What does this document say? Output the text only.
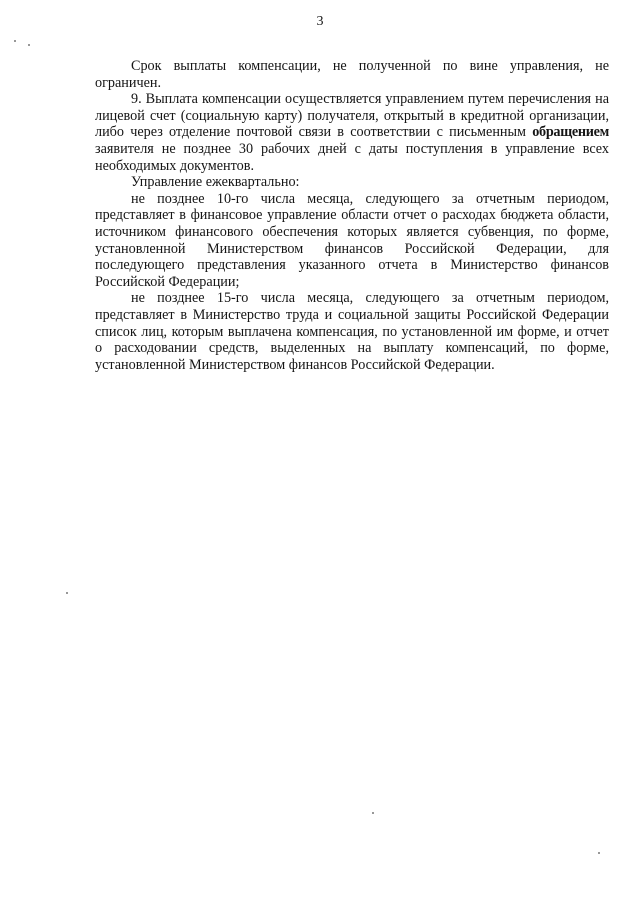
3

Срок выплаты компенсации, не полученной по вине управления, не ограничен.

9. Выплата компенсации осуществляется управлением путем перечисления на лицевой счет (социальную карту) получателя, открытый в кредитной организации, либо через отделение почтовой связи в соответствии с письменным обращением заявителя не позднее 30 рабочих дней с даты поступления в управление всех необходимых документов.

Управление ежеквартально:

не позднее 10-го числа месяца, следующего за отчетным периодом, представляет в финансовое управление области отчет о расходах бюджета области, источником финансового обеспечения которых является субвенция, по форме, установленной Министерством финансов Российской Федерации, для последующего представления указанного отчета в Министерство финансов Российской Федерации;

не позднее 15-го числа месяца, следующего за отчетным периодом, представляет в Министерство труда и социальной защиты Российской Федерации список лиц, которым выплачена компенсация, по установленной им форме, и отчет о расходовании средств, выделенных на выплату компенсаций, по форме, установленной Министерством финансов Российской Федерации.
